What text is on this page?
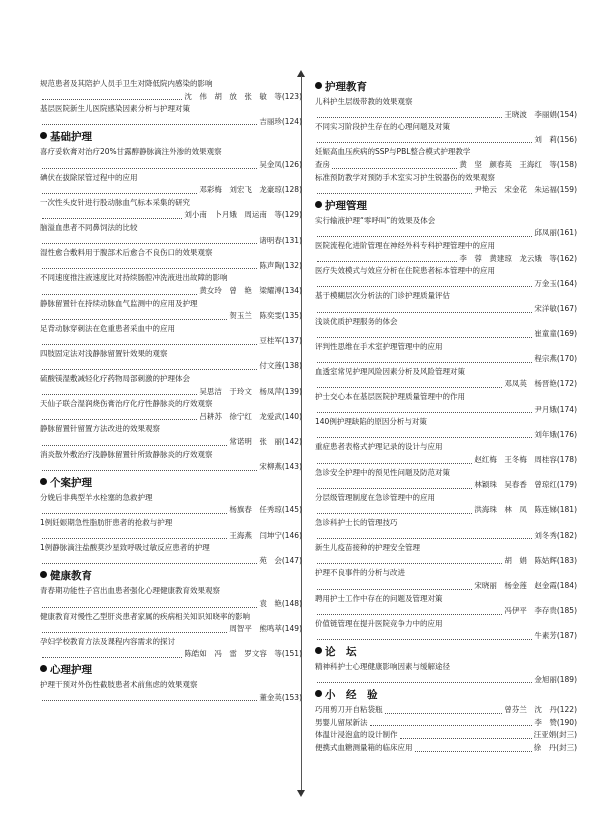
规范患者及其陪护人员手卫生对降低院内感染的影响
沈　伟　胡　放　张　敏　等 (123)
基层医院新生儿医院感染因素分析与护理对策
吉丽珍 (124)
基础护理
喜疗妥软膏对治疗20%甘露醇静脉滴注外渗的效果观察
吴金凤 (126)
碘伏在拔除尿管过程中的应用
邓彩梅　刘宏飞　龙豪琼 (128)
一次性头皮针进行股动脉血气标本采集的研究
刘小南　卜月娥　周运南　等 (129)
脑溢血患者不同鼻饲法的比较
诸明春 (131)
湿性愈合敷料用于腹部术后愈合不良伤口的效果观察
陈声陶 (132)
不同速度推注液速度比对持续肠腔冲洗液进出故障的影响
黄女玲　曾　艳　梁耀溥 (134)
静脉留置针在持续动脉血气监测中的应用及护理
贺玉兰　陈奕雯 (135)
足背动脉穿刺法在危重患者采血中的应用
豆桂军 (137)
四肢固定法对浅静脉留置针效果的观察
付文莲 (138)
硫酸镁湿敷减轻化疗药物局部刺激的护理体会
吴思洁　于玲文　杨凤萍 (139)
天仙子联合湿润烧伤膏治疗化疗性静脉炎的疗效观察
吕耕苏　徐宁红　龙爱武 (140)
静脉留置针留置方法改进的效果观察
常诺明　张　丽 (142)
消炎散外敷治疗浅静脉留置针所致静脉炎的疗效观察
宋柳燕 (143)
个案护理
分娩后非典型羊水栓塞的急救护理
杨旗春　任秀琼 (145)
1例妊娠期急性脂肪肝患者的抢救与护理
王海燕　闫坤宁 (146)
1例静脉滴注盐酸莫沙星致呼吸过敏反应患者的护理
苑　会 (147)
健康教育
青春期功能性子宫出血患者强化心理健康教育效果观察
袁　艳 (148)
健康教育对慢性乙型肝炎患者家属的疾病相关知识知晓率的影响
周智平　熊鸣萃 (149)
孕妇学校教育方法及课程内容需求的探讨
陈皓如　冯　雷　罗文容　等 (151)
心理护理
护理干预对外伤性截肢患者术前焦虑的效果观察
董金英 (153)
护理教育
儿科护生层级带教的效果观察
王晓波　李丽娟 (154)
不同实习阶段护生存在的心理问题及对策
刘　莉 (156)
妊娠高血压疾病的SSP与PBL整合模式护理教学
查房	黄　坚　颜春英　王海红　等 (158)
标准预防教学对预防手术室实习护生锐器伤的效果观察
尹艳云　宋金花　朱运福 (159)
护理管理
实行输液护理“零呼叫”的效果及体会
邱凤丽 (161)
医院流程化进阶管理在神经外科专科护理管理中的应用
李　蓉　黄建琼　龙云娥　等 (162)
医疗失效模式与效应分析在住院患者标本管理中的应用
万金玉 (164)
基于模糊层次分析法的门诊护理质量评估
宋洋敏 (167)
浅谈优质护理服务的体会
崔童童 (169)
评判性思维在手术室护理管理中的应用
程宗燕 (170)
血透室常见护理风险因素分析及风险管理对策
邓凤英　杨晋艳 (172)
护士交心本在基层医院护理质量管理中的作用
尹月娥 (174)
140例护理缺陷的原因分析与对策
刘年娥 (176)
重症患者表格式护理记录的设计与应用
赵红梅　王冬梅　周桂容 (178)
急诊安全护理中的预见性问题及防范对策
林颖珠　吴春香　曾琼红 (179)
分层级管理制度在急诊管理中的应用
洪海珠　林　凤　陈连娣 (181)
急诊科护士长的管理技巧
刘冬秀 (182)
新生儿疫苗接种的护理安全管理
胡　娟　陈姑辉 (183)
护理不良事件的分析与改进
宋晓丽　杨金莲　赵金霞 (184)
聘用护士工作中存在的问题及管理对策
冯伊平　李存贵 (185)
价值链管理在提升医院竞争力中的应用
牛素芳 (187)
论　坛
精神科护士心理健康影响因素与缓解途径
金旭丽 (189)
小　经　验
巧用剪刀开自粘袋瓶	曾芬兰　沈　丹 (122)
男婴儿留尿新法	李　赞 (190)
体温计浸泡盒的设计制作	汪亚娟 (封三)
便携式血糖测量箱的临床应用	徐　丹 (封三)
